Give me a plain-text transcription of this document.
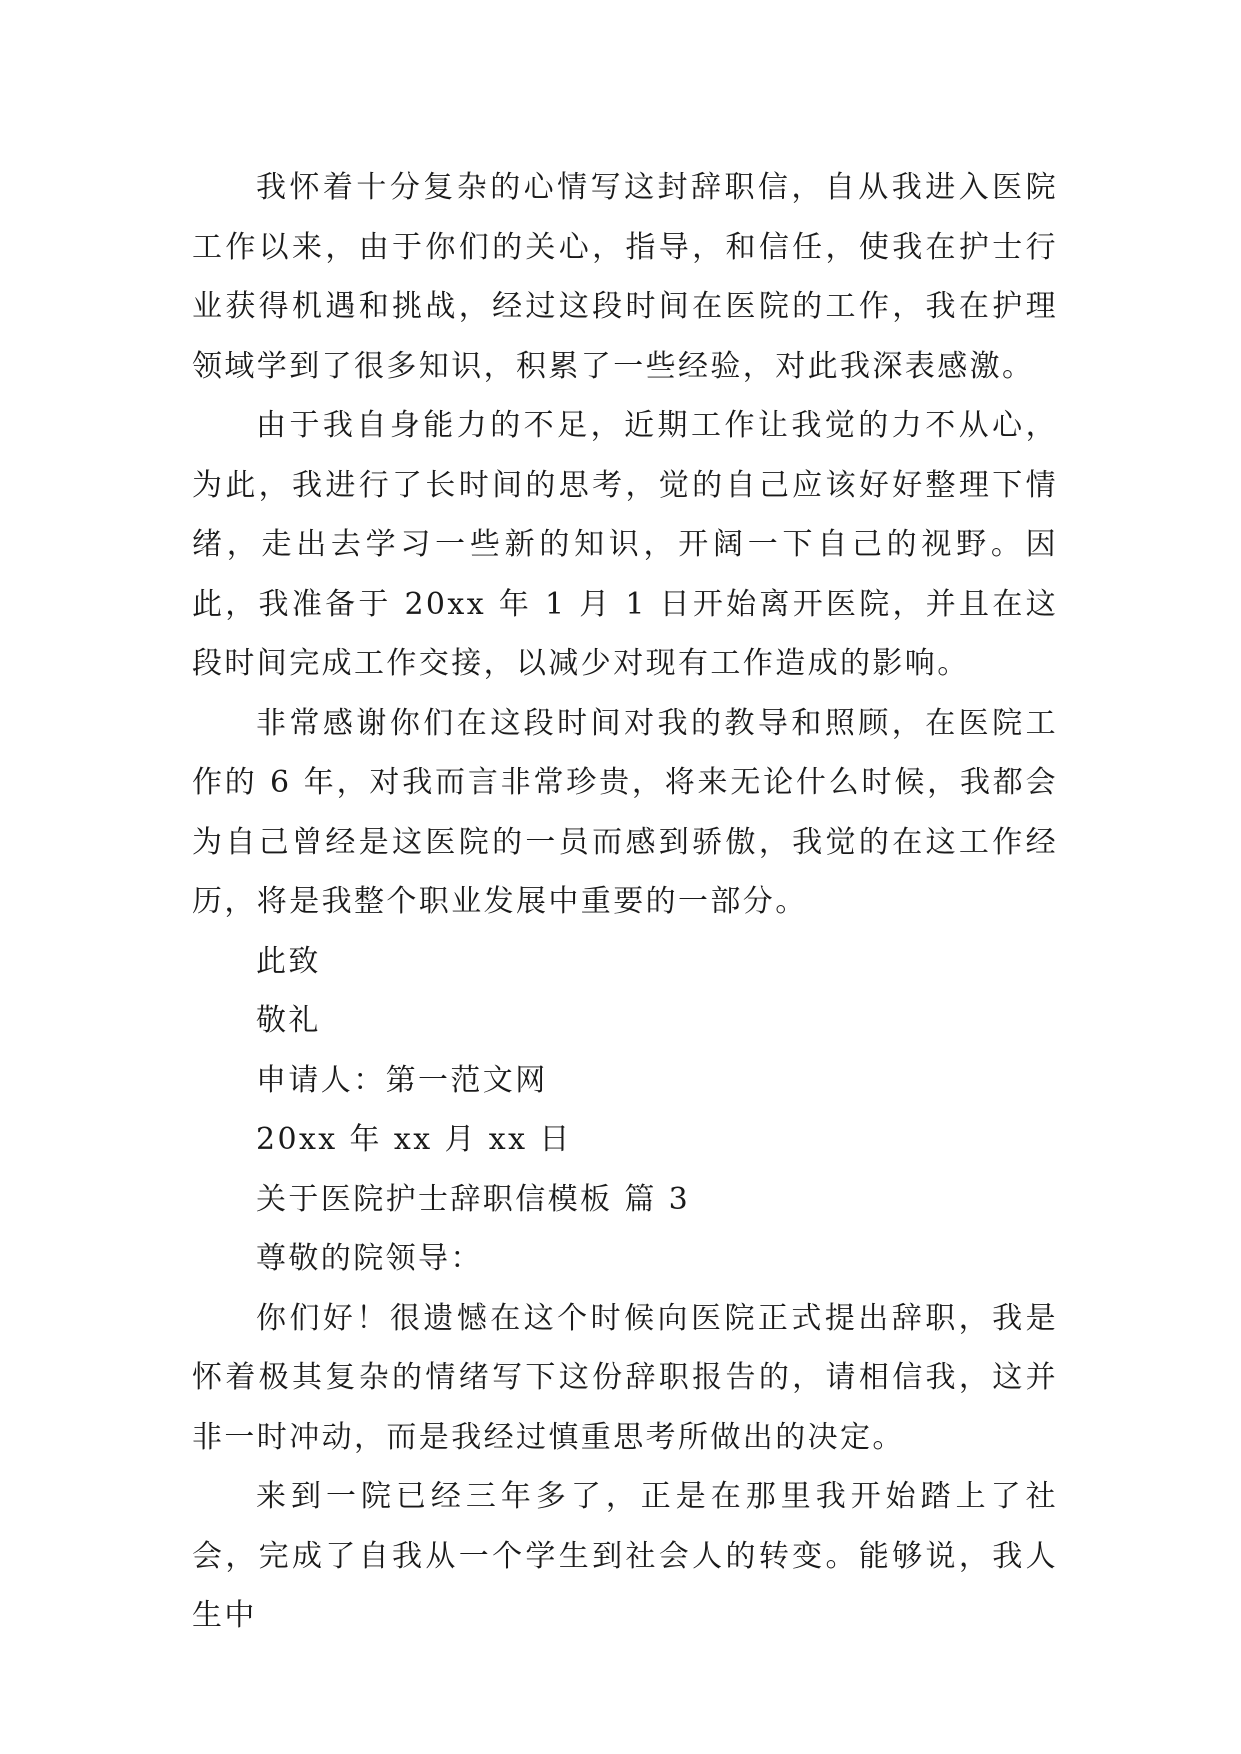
我怀着十分复杂的心情写这封辞职信，自从我进入医院工作以来，由于你们的关心，指导，和信任，使我在护士行业获得机遇和挑战，经过这段时间在医院的工作，我在护理领域学到了很多知识，积累了一些经验，对此我深表感激。

由于我自身能力的不足，近期工作让我觉的力不从心，为此，我进行了长时间的思考，觉的自己应该好好整理下情绪，走出去学习一些新的知识，开阔一下自己的视野。因此，我准备于 20xx 年 1 月 1 日开始离开医院，并且在这段时间完成工作交接，以减少对现有工作造成的影响。

非常感谢你们在这段时间对我的教导和照顾，在医院工作的 6 年，对我而言非常珍贵，将来无论什么时候，我都会为自己曾经是这医院的一员而感到骄傲，我觉的在这工作经历，将是我整个职业发展中重要的一部分。

此致

敬礼

申请人：第一范文网

20xx 年 xx 月 xx 日

关于医院护士辞职信模板 篇 3

尊敬的院领导：

你们好！很遗憾在这个时候向医院正式提出辞职，我是怀着极其复杂的情绪写下这份辞职报告的，请相信我，这并非一时冲动，而是我经过慎重思考所做出的决定。

来到一院已经三年多了，正是在那里我开始踏上了社会，完成了自我从一个学生到社会人的转变。能够说，我人生中
